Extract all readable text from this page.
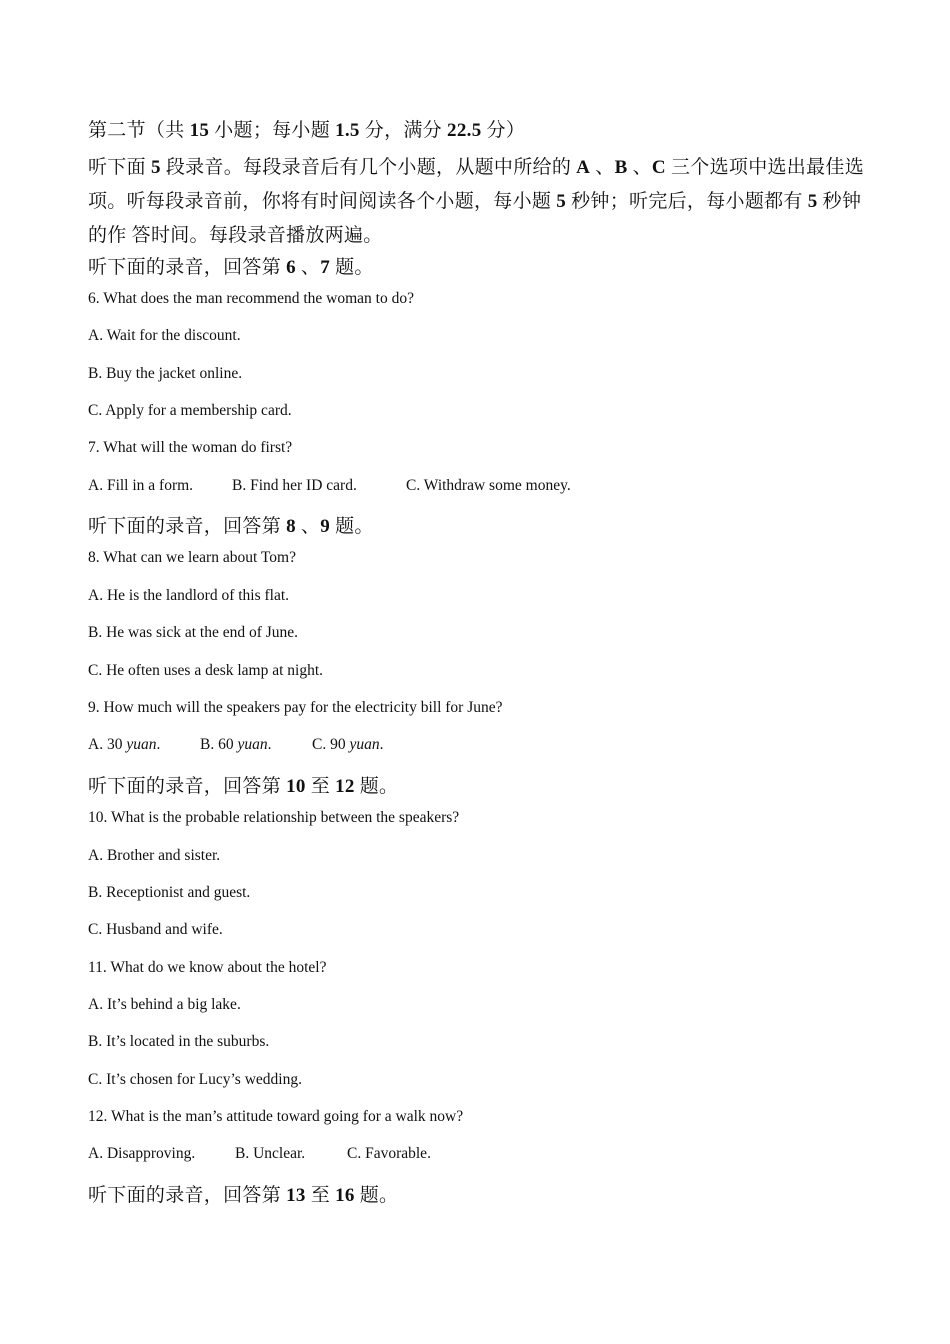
第二节（共 15 小题；每小题 1.5 分，满分 22.5 分）
听下面 5 段录音。每段录音后有几个小题，从题中所给的 A 、B 、C 三个选项中选出最佳选
项。听每段录音前，你将有时间阅读各个小题，每小题 5 秒钟；听完后，每小题都有 5 秒钟
的作 答时间。每段录音播放两遍。
听下面的录音，回答第 6 、7 题。
6. What does the man recommend the woman to do?
A. Wait for the discount.
B. Buy the jacket online.
C. Apply for a membership card.
7. What will the woman do first?
A. Fill in a form.	B. Find her ID card.	C. Withdraw some money.
听下面的录音，回答第 8 、9 题。
8. What can we learn about Tom?
A. He is the landlord of this flat.
B. He was sick at the end of June.
C. He often uses a desk lamp at night.
9. How much will the speakers pay for the electricity bill for June?
A. 30 yuan.	B. 60 yuan.	C. 90 yuan.
听下面的录音，回答第 10 至 12 题。
10. What is the probable relationship between the speakers?
A. Brother and sister.
B. Receptionist and guest.
C. Husband and wife.
11. What do we know about the hotel?
A. It’s behind a big lake.
B. It’s located in the suburbs.
C. It’s chosen for Lucy’s wedding.
12. What is the man’s attitude toward going for a walk now?
A. Disapproving.	B. Unclear.	C. Favorable.
听下面的录音，回答第 13 至 16 题。
